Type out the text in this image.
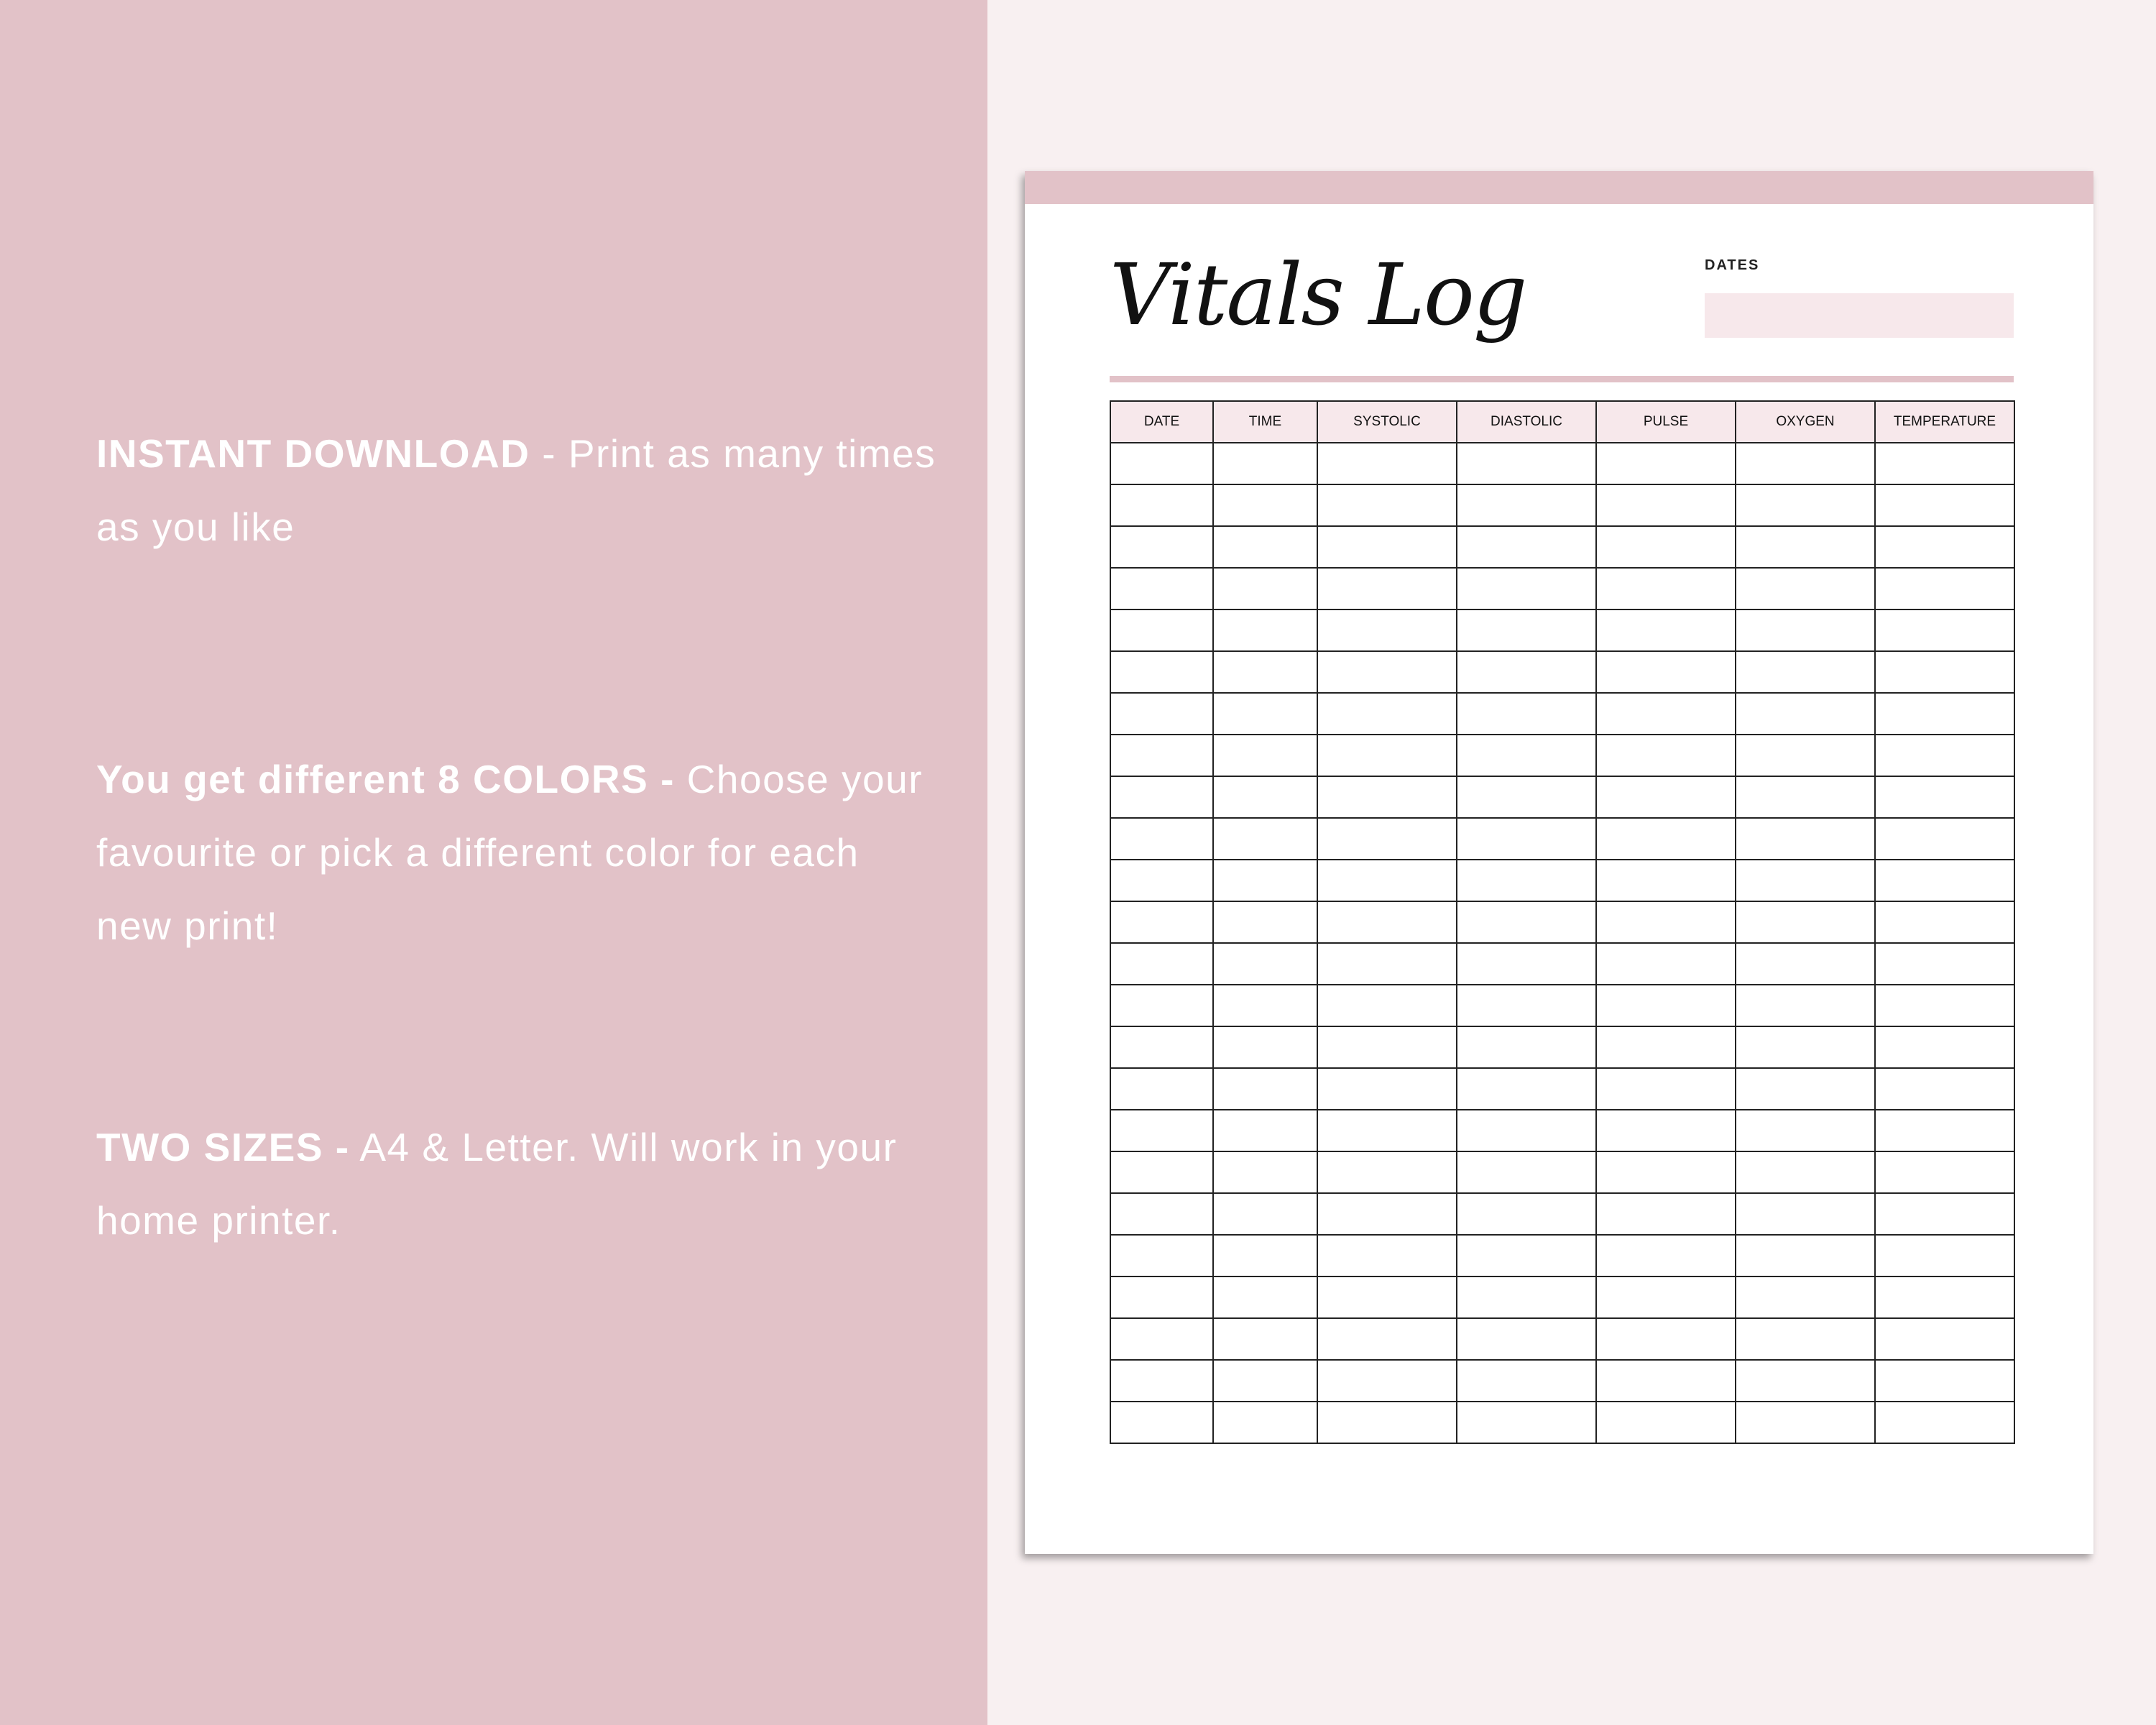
INSTANT DOWNLOAD - Print as many times as you like

You get different 8 COLORS - Choose your favourite or pick a different color for each new print!

TWO SIZES - A4 & Letter. Will work in your home printer.

Vitals Log	DATES
DATE	TIME	SYSTOLIC	DIASTOLIC	PULSE	OXYGEN	TEMPERATURE
